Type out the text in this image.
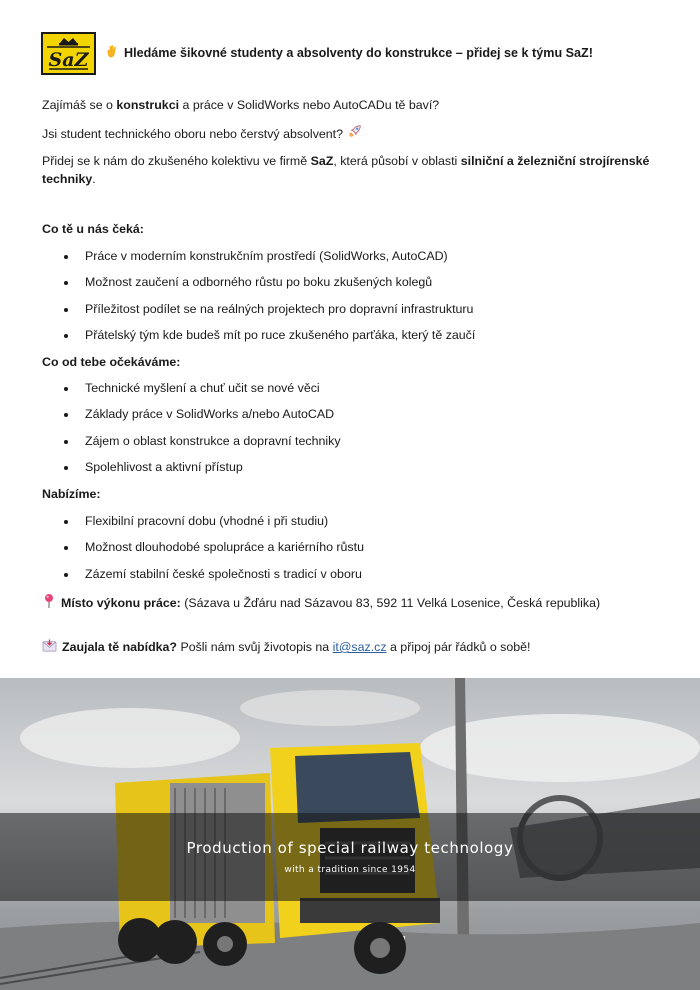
SaZ	Hledáme šikovné studenty a absolventy do konstrukce – přidej se k týmu SaZ!
Zajímáš se o konstrukci a práce v SolidWorks nebo AutoCADu tě baví?
Jsi student technického oboru nebo čerstvý absolvent?
Přidej se k nám do zkušeného kolektivu ve firmě SaZ, která působí v oblasti silniční a železniční strojírenské techniky.
Co tě u nás čeká:
Práce v moderním konstrukčním prostředí (SolidWorks, AutoCAD)
Možnost zaučení a odborného růstu po boku zkušených kolegů
Příležitost podílet se na reálných projektech pro dopravní infrastrukturu
Přátelský tým kde budeš mít po ruce zkušeného parťáka, který tě zaučí
Co od tebe očekáváme:
Technické myšlení a chuť učit se nové věci
Základy práce v SolidWorks a/nebo AutoCAD
Zájem o oblast konstrukce a dopravní techniky
Spolehlivost a aktivní přístup
Nabízíme:
Flexibilní pracovní dobu (vhodné i při studiu)
Možnost dlouhodobé spolupráce a kariérního růstu
Zázemí stabilní české společnosti s tradicí v oboru
Místo výkonu práce: (Sázava u Žďáru nad Sázavou 83, 592 11 Velká Losenice, Česká republika)
Zaujala tě nabídka? Pošli nám svůj životopis na it@saz.cz a připoj pár řádků o sobě!
Production of special railway technology
with a tradition since 1954
